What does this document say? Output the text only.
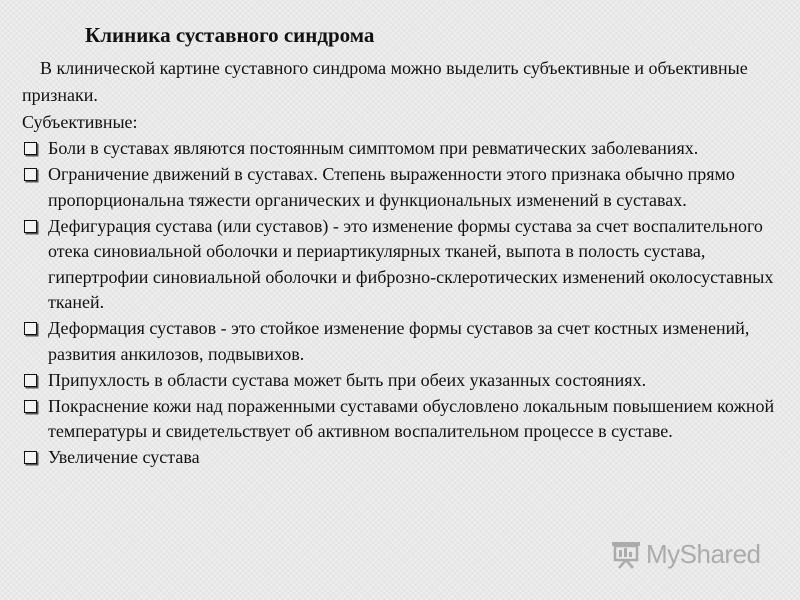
Клиника суставного синдрома
В клинической картине суставного синдрома можно выделить субъективные и объективные признаки.
Субъективные:
Боли в суставах являются постоянным симптомом при ревматических заболеваниях.
Ограничение движений в суставах. Степень выраженности этого признака обычно прямо пропорциональна тяжести органических и функциональных изменений в суставах.
Дефигурация сустава (или суставов) - это изменение формы сустава за счет воспалительного отека синовиальной оболочки и периартикулярных тканей, выпота в полость сустава, гипертрофии синовиальной оболочки и фиброзно-склеротических изменений околосуставных тканей.
Деформация суставов - это стойкое изменение формы суставов за счет костных изменений, развития анкилозов, подвывихов.
Припухлость в области сустава может быть при обеих указанных состояниях.
Покраснение кожи над пораженными суставами обусловлено локальным повышением кожной температуры и свидетельствует об активном воспалительном процессе в суставе.
Увеличение сустава
MyShared
